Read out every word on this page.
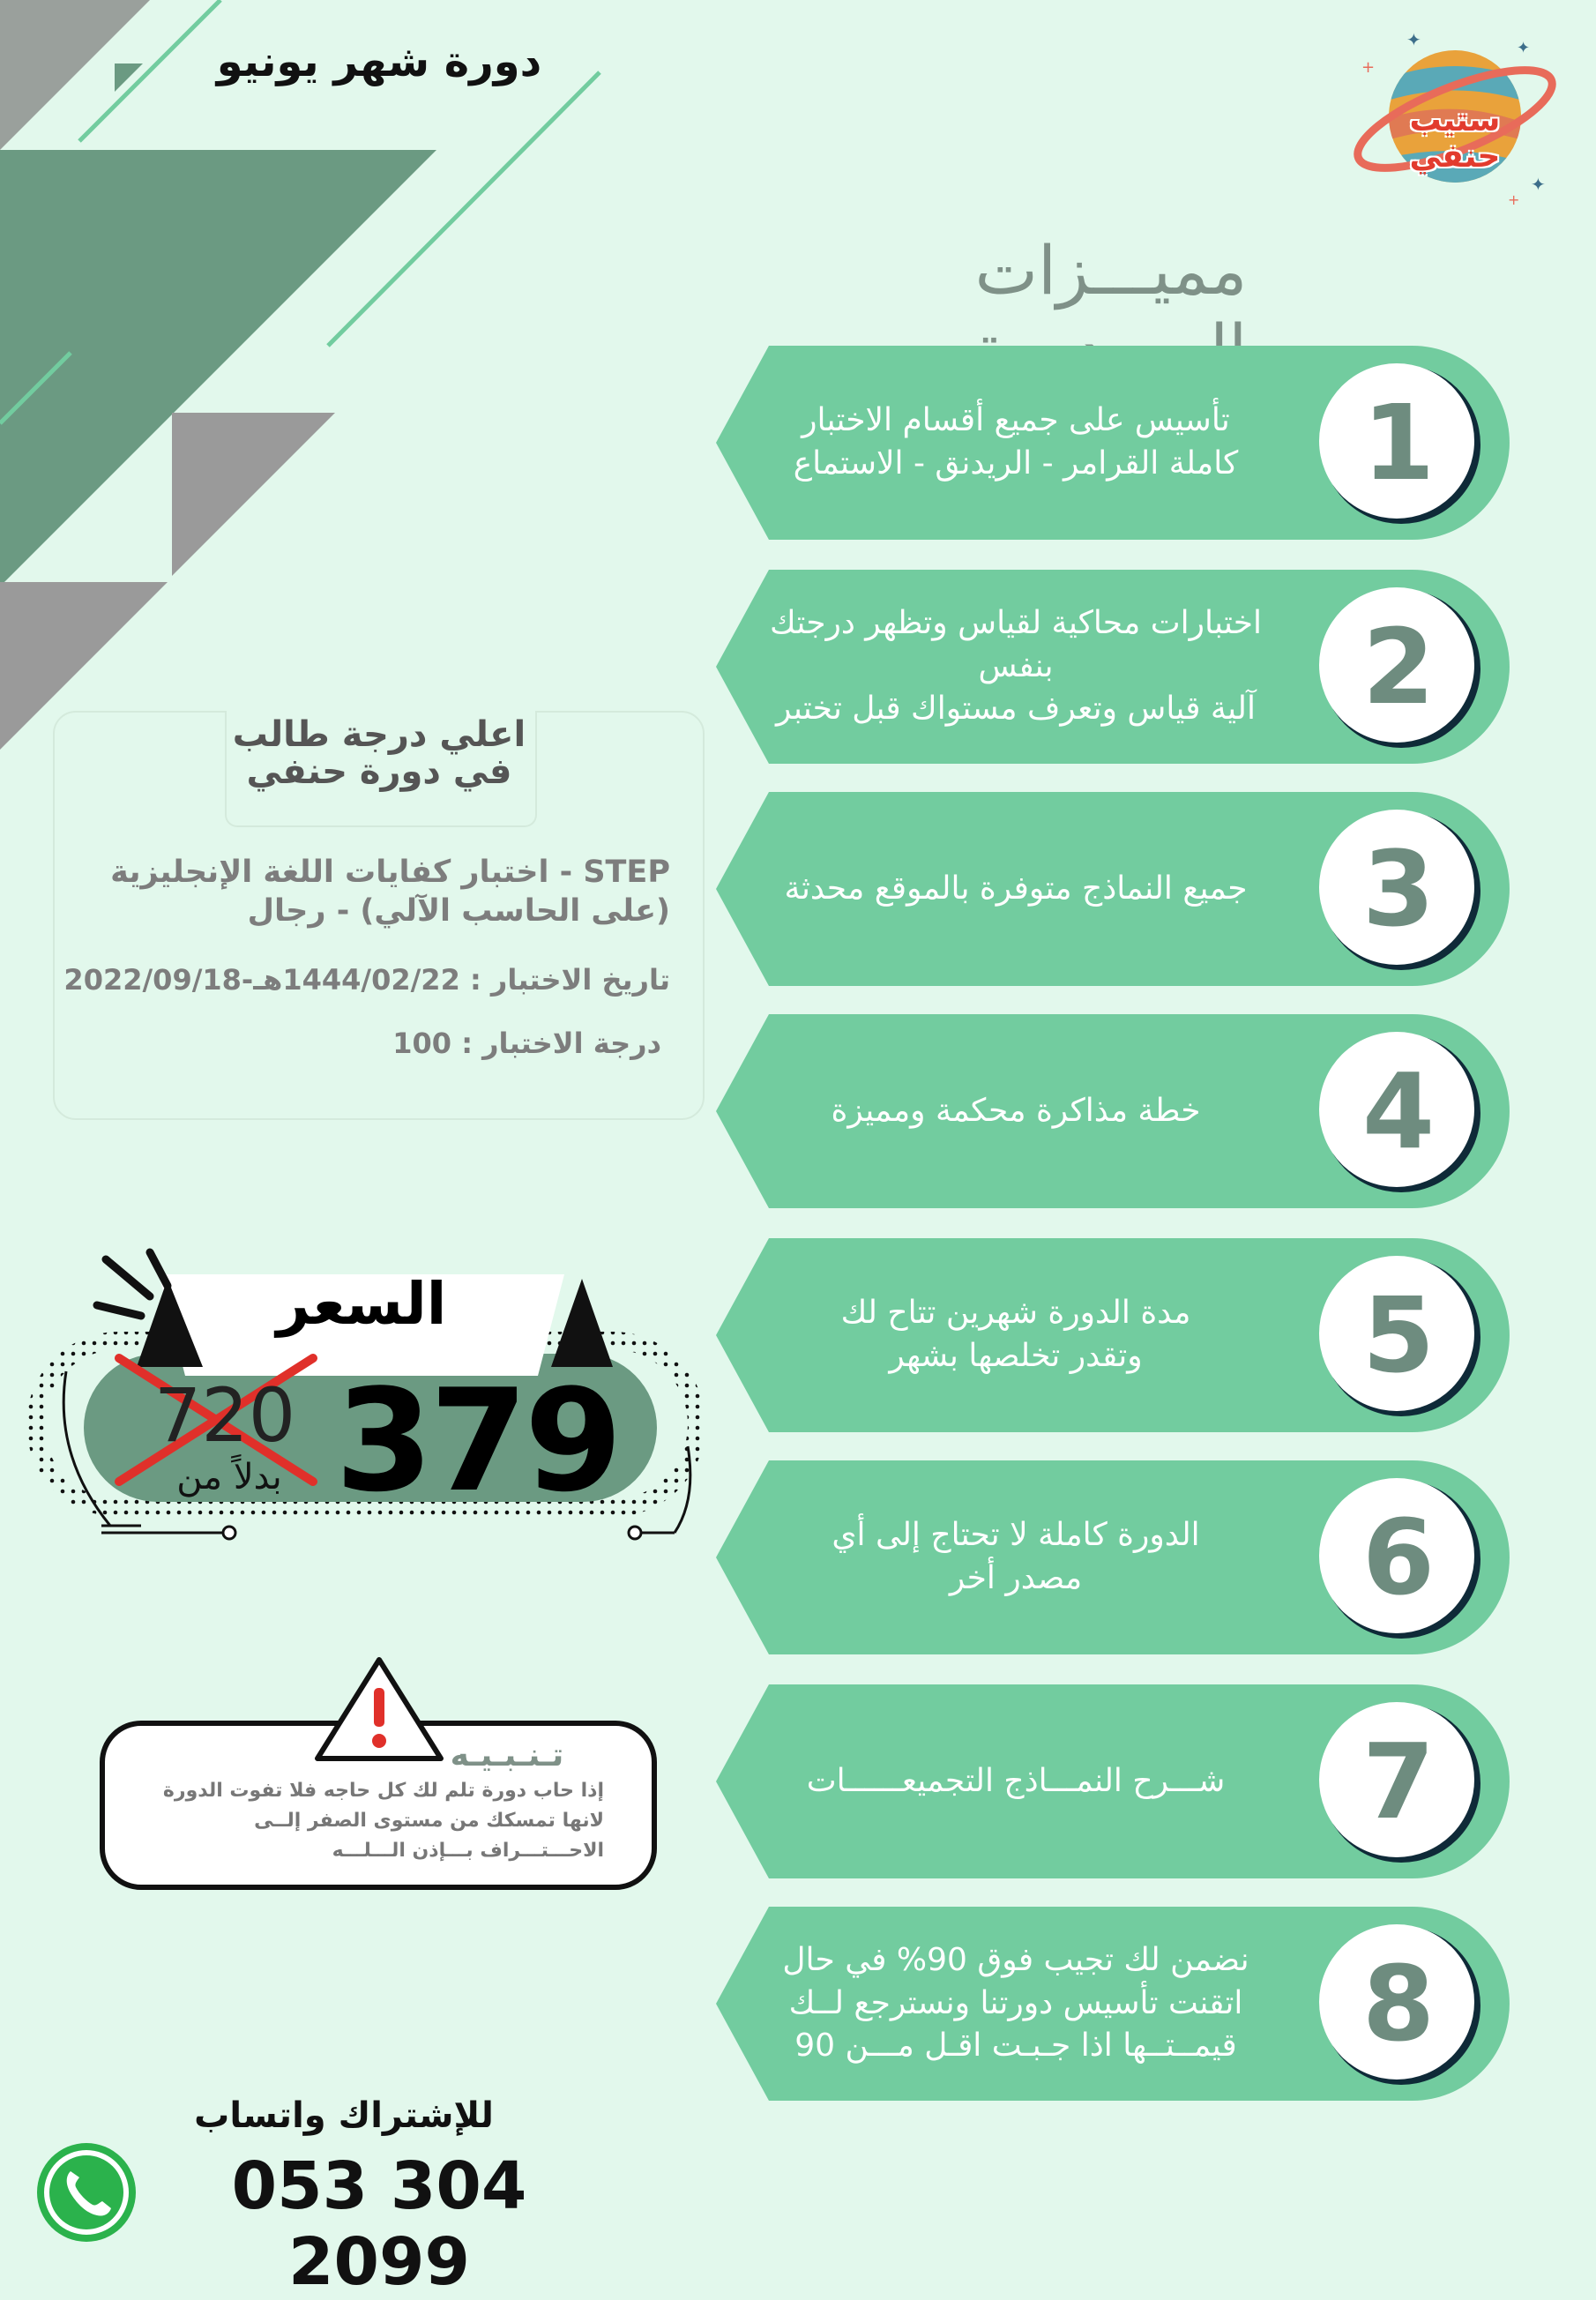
دورة شهر يونيو	✦	✦
+
✦
+
ستيب حنفي
مميـــزات
تأسيس على جميع أقسام الاختبار
كاملة القرامر - الريدنق - الاستماع	1
اختبارات محاكية لقياس وتظهر درجتك بنفس
آلية قياس وتعرف مستواك قبل تختبر	2
جميع النماذج متوفرة بالموقع محدثة	3
خطة مذاكرة محكمة ومميزة	4
مدة الدورة شهرين تتاح لك
وتقدر تخلصها بشهر	5
الدورة كاملة لا تحتاج إلى أي
مصدر أخر	6
شـــرح النمـــاذج التجميعــــــات	7
نضمن لك تجيب فوق 90% في حال
اتقنت تأسيس دورتنا ونسترجع لــك
قيمــتــها اذا جـبـت اقـل مـــن 90	8
اعلي درجة طالب
في دورة حنفي
STEP - اختبار كفايات اللغة الإنجليزية
(على الحاسب الآلي) - رجال
تاريخ الاختبار : 1444/02/22هـ-2022/09/18
درجة الاختبار : 100
السعر
379
720
بدلاً من
تـنـبـيـه
إذا حاب دورة تلم لك كل حاجه فلا تفوت الدورة
لانها تمسكك من مستوى الصفر إلــى
الاحـــتـــراف بـــإذن الـــلـــه
للإشتراك واتساب
053 304 2099
